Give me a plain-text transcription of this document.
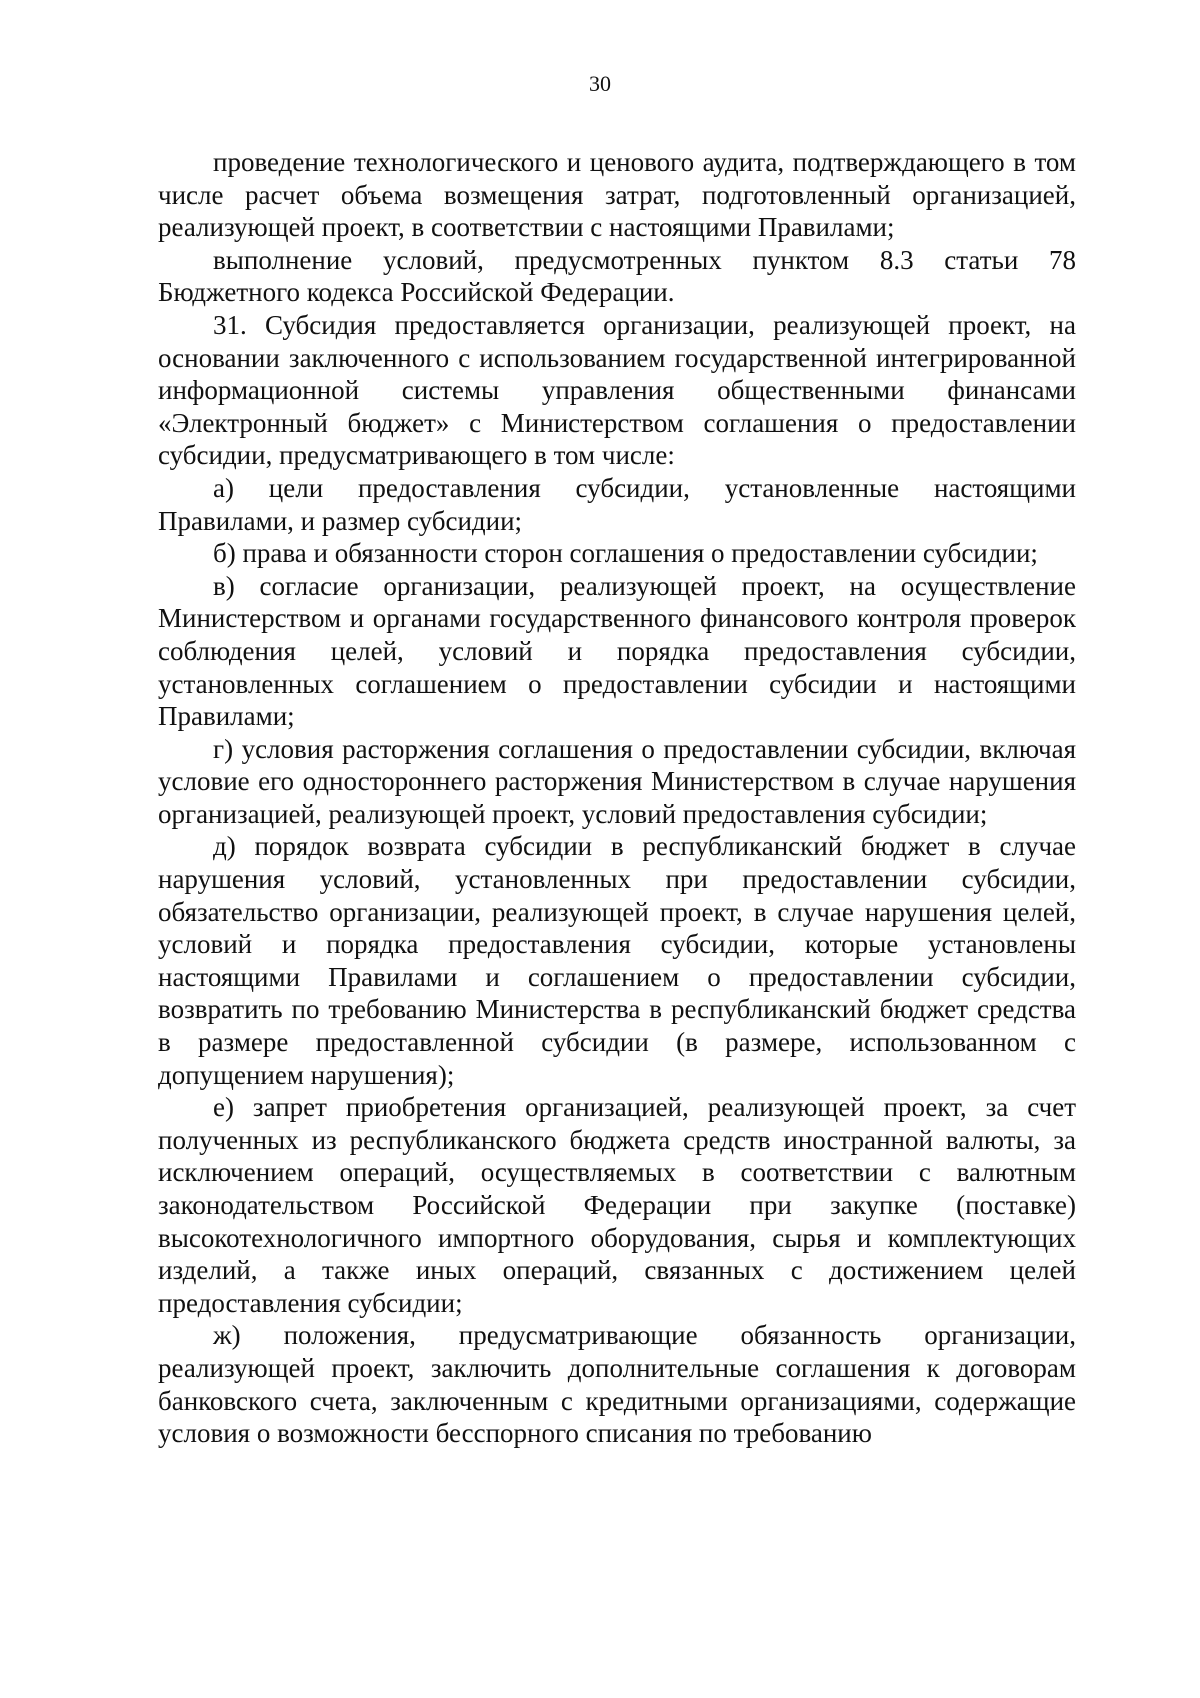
30

проведение технологического и ценового аудита, подтверждающего в том числе расчет объема возмещения затрат, подготовленный организацией, реализующей проект, в соответствии с настоящими Правилами;

выполнение условий, предусмотренных пунктом 8.3 статьи 78 Бюджетного кодекса Российской Федерации.

31. Субсидия предоставляется организации, реализующей проект, на основании заключенного с использованием государственной интегрированной информационной системы управления общественными финансами «Электронный бюджет» с Министерством соглашения о предоставлении субсидии, предусматривающего в том числе:

а) цели предоставления субсидии, установленные настоящими Правилами, и размер субсидии;

б) права и обязанности сторон соглашения о предоставлении субсидии;

в) согласие организации, реализующей проект, на осуществление Министерством и органами государственного финансового контроля проверок соблюдения целей, условий и порядка предоставления субсидии, установленных соглашением о предоставлении субсидии и настоящими Правилами;

г) условия расторжения соглашения о предоставлении субсидии, включая условие его одностороннего расторжения Министерством в случае нарушения организацией, реализующей проект, условий предоставления субсидии;

д) порядок возврата субсидии в республиканский бюджет в случае нарушения условий, установленных при предоставлении субсидии, обязательство организации, реализующей проект, в случае нарушения целей, условий и порядка предоставления субсидии, которые установлены настоящими Правилами и соглашением о предоставлении субсидии, возвратить по требованию Министерства в республиканский бюджет средства в размере предоставленной субсидии (в размере, использованном с допущением нарушения);

е) запрет приобретения организацией, реализующей проект, за счет полученных из республиканского бюджета средств иностранной валюты, за исключением операций, осуществляемых в соответствии с валютным законодательством Российской Федерации при закупке (поставке) высокотехнологичного импортного оборудования, сырья и комплектующих изделий, а также иных операций, связанных с достижением целей предоставления субсидии;

ж) положения, предусматривающие обязанность организации, реализующей проект, заключить дополнительные соглашения к договорам банковского счета, заключенным с кредитными организациями, содержащие условия о возможности бесспорного списания по требованию
